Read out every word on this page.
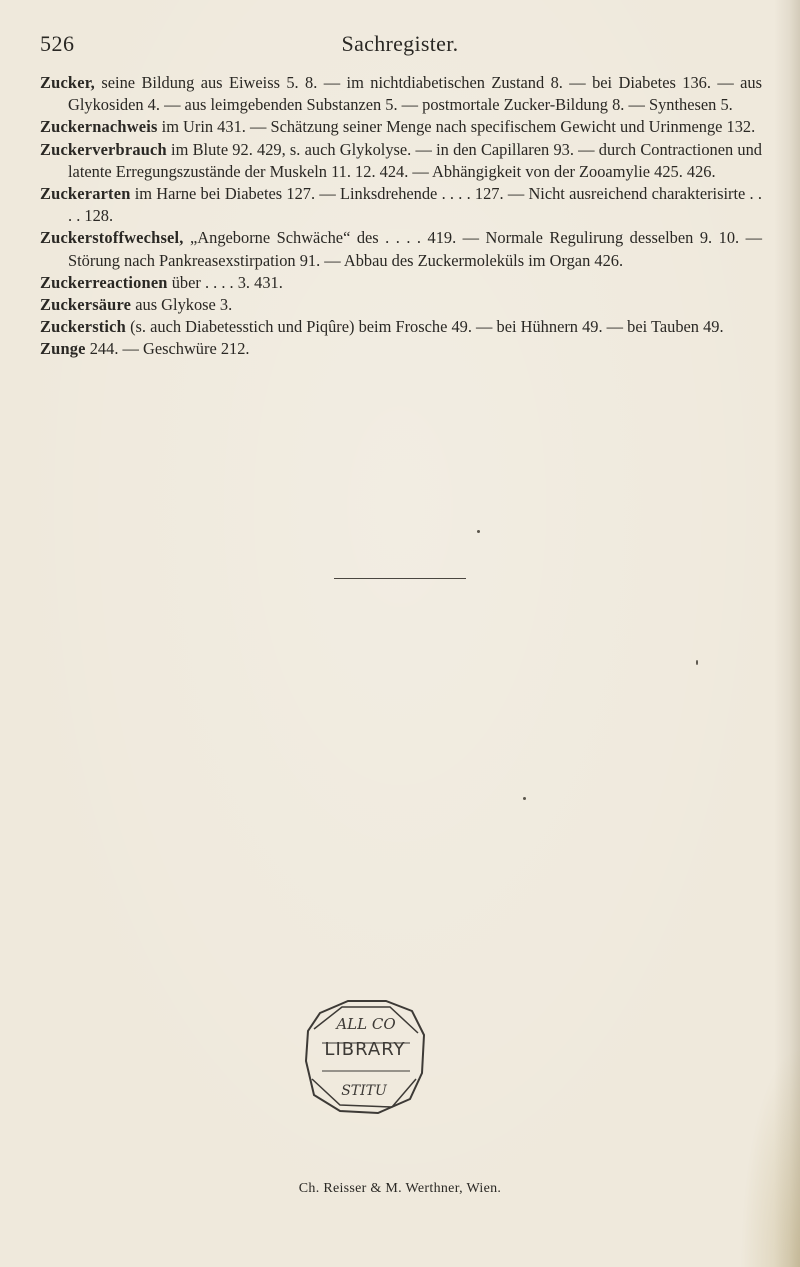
526	Sachregister.

Zucker, seine Bildung aus Eiweiss 5. 8. — im nichtdiabetischen Zustand 8. — bei Diabetes 136. — aus Glykosiden 4. — aus leimgebenden Substanzen 5. — postmortale Zucker-Bildung 8. — Synthesen 5.

Zuckernachweis im Urin 431. — Schätzung seiner Menge nach specifischem Gewicht und Urinmenge 132.

Zuckerverbrauch im Blute 92. 429, s. auch Glykolyse. — in den Capillaren 93. — durch Contractionen und latente Erregungszustände der Muskeln 11. 12. 424. — Abhängigkeit von der Zooamylie 425. 426.

Zuckerarten im Harne bei Diabetes 127. — Linksdrehende . . . . 127. — Nicht ausreichend charakterisirte . . . . 128.

Zuckerstoffwechsel, „Angeborne Schwäche“ des . . . . 419. — Normale Regulirung desselben 9. 10. — Störung nach Pankreasexstirpation 91. — Abbau des Zuckermoleküls im Organ 426.

Zuckerreactionen über . . . . 3. 431.

Zuckersäure aus Glykose 3.

Zuckerstich (s. auch Diabetesstich und Piqûre) beim Frosche 49. — bei Hühnern 49. — bei Tauben 49.

Zunge 244. — Geschwüre 212.

ALL CO
STITU
LIBRARY
Ch. Reisser & M. Werthner, Wien.
